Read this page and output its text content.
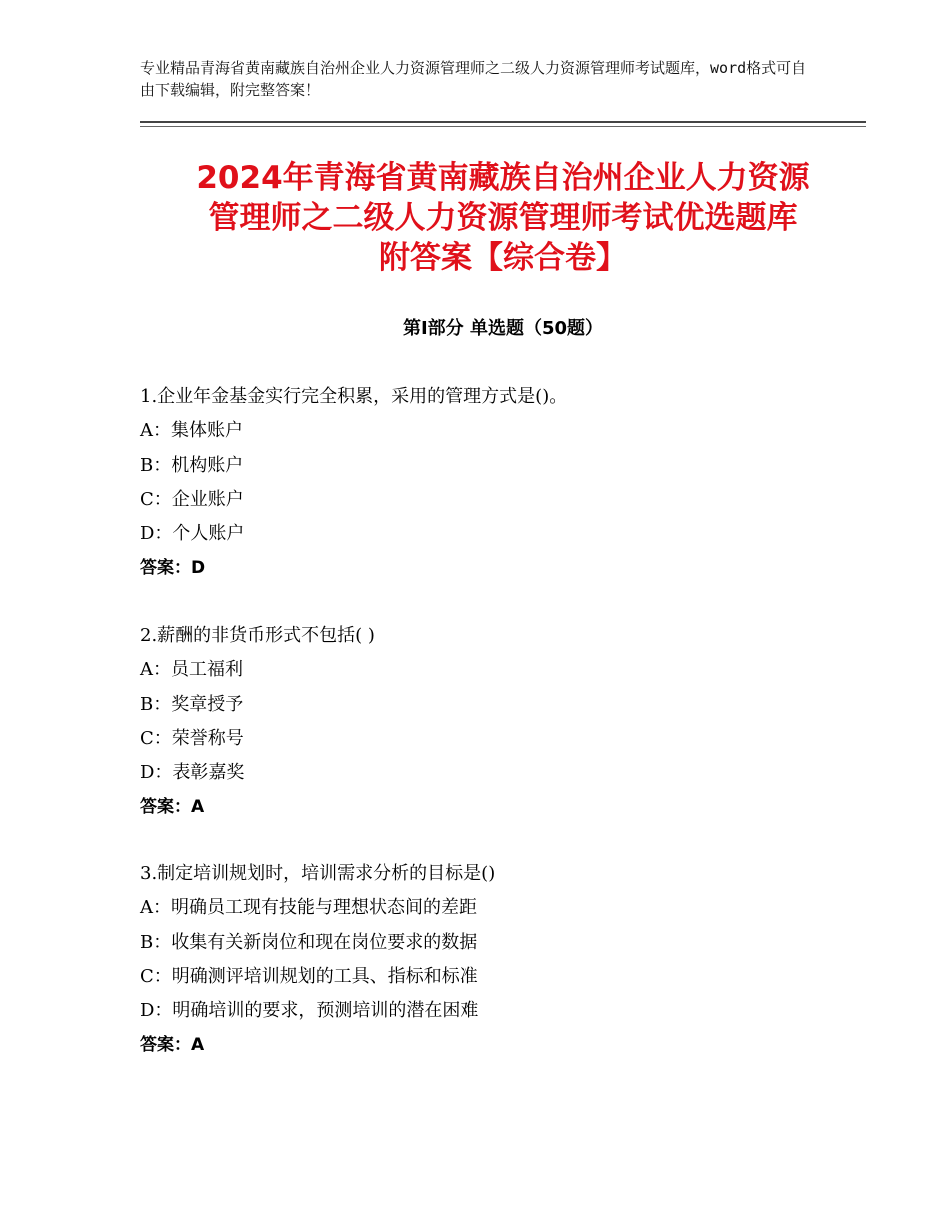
专业精品青海省黄南藏族自治州企业人力资源管理师之二级人力资源管理师考试题库，word格式可自由下载编辑，附完整答案！
2024年青海省黄南藏族自治州企业人力资源
管理师之二级人力资源管理师考试优选题库
附答案【综合卷】
第Ⅰ部分 单选题（50题）
1.企业年金基金实行完全积累，采用的管理方式是()。
A：集体账户
B：机构账户
C：企业账户
D：个人账户
答案：D
2.薪酬的非货币形式不包括( )
A：员工福利
B：奖章授予
C：荣誉称号
D：表彰嘉奖
答案：A
3.制定培训规划时，培训需求分析的目标是()
A：明确员工现有技能与理想状态间的差距
B：收集有关新岗位和现在岗位要求的数据
C：明确测评培训规划的工具、指标和标准
D：明确培训的要求，预测培训的潜在困难
答案：A
